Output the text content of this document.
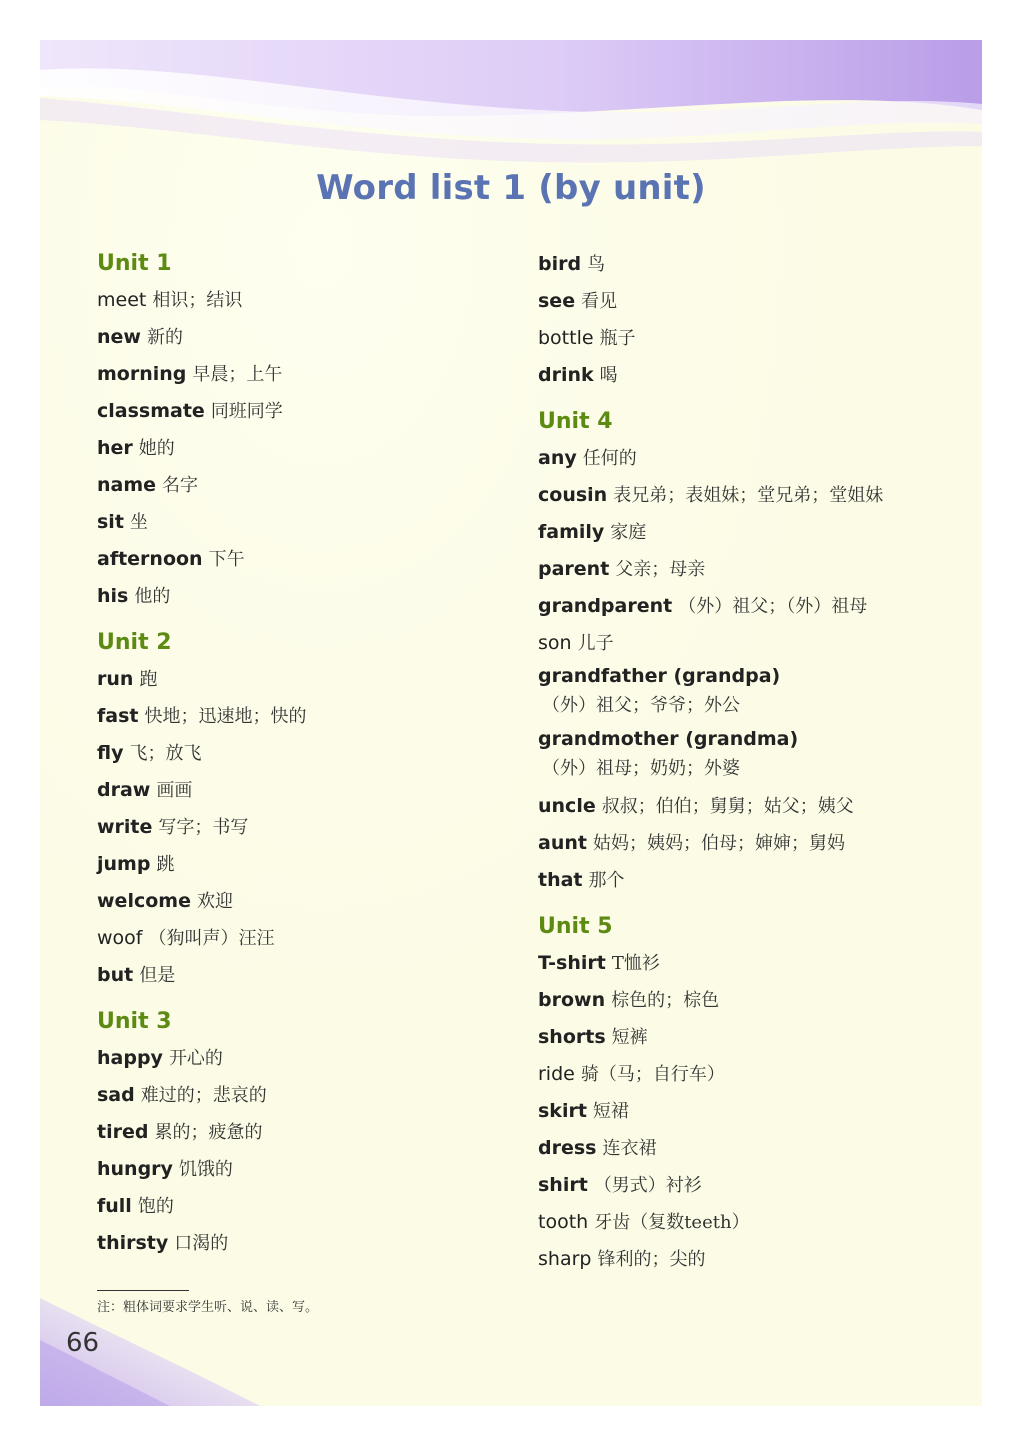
Word list 1 (by unit)
Unit 1
meet 相识；结识
new 新的
morning 早晨；上午
classmate 同班同学
her 她的
name 名字
sit 坐
afternoon 下午
his 他的
Unit 2
run 跑
fast 快地；迅速地；快的
fly 飞；放飞
draw 画画
write 写字；书写
jump 跳
welcome 欢迎
woof （狗叫声）汪汪
but 但是
Unit 3
happy 开心的
sad 难过的；悲哀的
tired 累的；疲惫的
hungry 饥饿的
full 饱的
thirsty 口渴的
bird 鸟
see 看见
bottle 瓶子
drink 喝
Unit 4
any 任何的
cousin 表兄弟；表姐妹；堂兄弟；堂姐妹
family 家庭
parent 父亲；母亲
grandparent （外）祖父；（外）祖母
son 儿子
grandfather (grandpa)
（外）祖父；爷爷；外公
grandmother (grandma)
（外）祖母；奶奶；外婆
uncle 叔叔；伯伯；舅舅；姑父；姨父
aunt 姑妈；姨妈；伯母；婶婶；舅妈
that 那个
Unit 5
T-shirt T恤衫
brown 棕色的；棕色
shorts 短裤
ride 骑（马；自行车）
skirt 短裙
dress 连衣裙
shirt （男式）衬衫
tooth 牙齿（复数teeth）
sharp 锋利的；尖的
注：粗体词要求学生听、说、读、写。
66
